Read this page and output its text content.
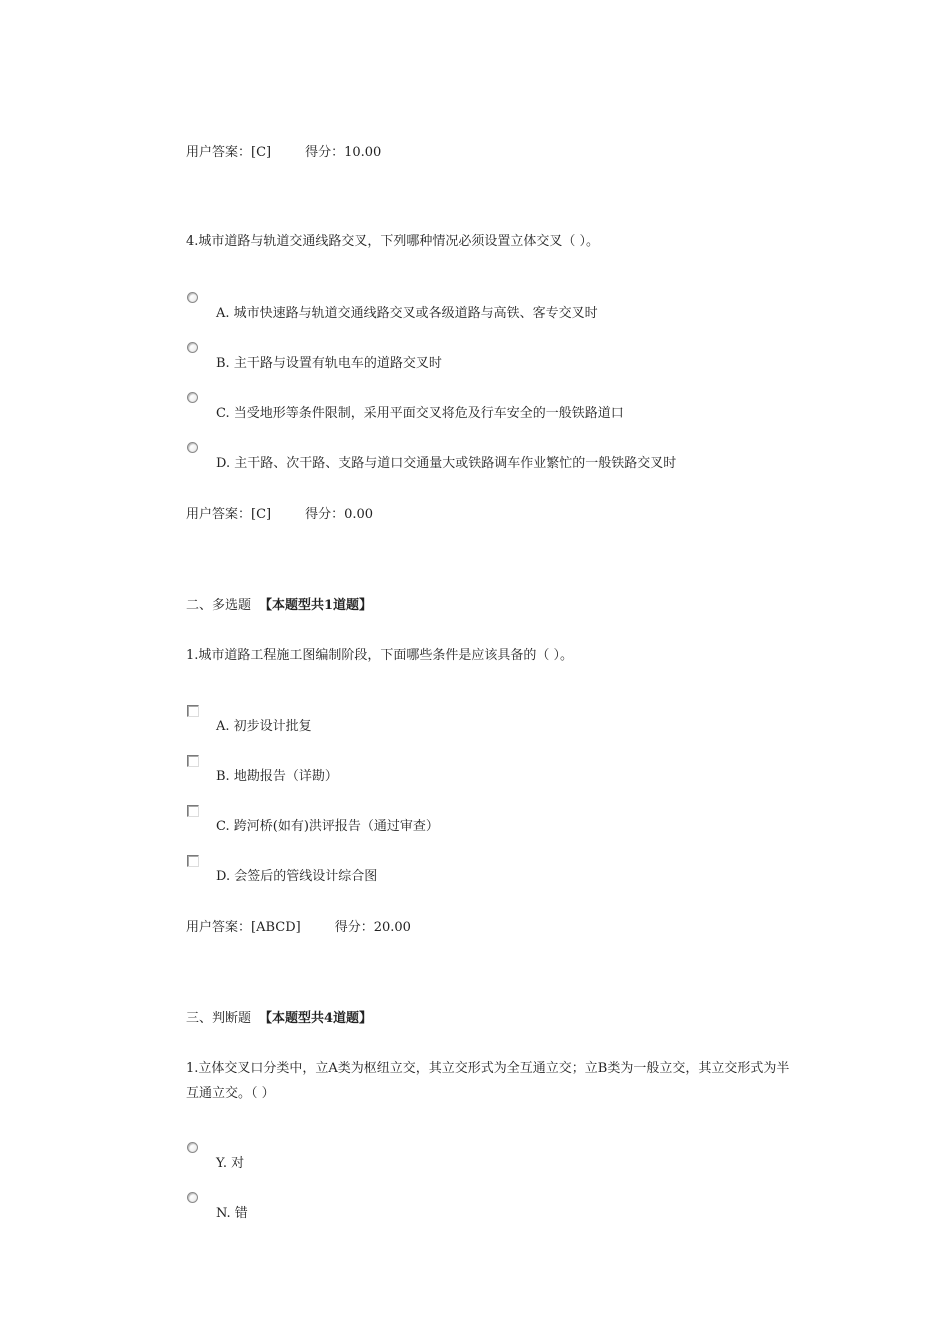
用户答案：[C]	得分：10.00
4.城市道路与轨道交通线路交叉，下列哪种情况必须设置立体交叉（ ）。
A. 城市快速路与轨道交通线路交叉或各级道路与高铁、客专交叉时
B. 主干路与设置有轨电车的道路交叉时
C. 当受地形等条件限制，采用平面交叉将危及行车安全的一般铁路道口
D. 主干路、次干路、支路与道口交通量大或铁路调车作业繁忙的一般铁路交叉时
用户答案：[C]	得分：0.00
二、多选题 【本题型共1道题】
1.城市道路工程施工图编制阶段，下面哪些条件是应该具备的（ ）。
A. 初步设计批复
B. 地勘报告（详勘）
C. 跨河桥(如有)洪评报告（通过审查）
D. 会签后的管线设计综合图
用户答案：[ABCD]	得分：20.00
三、判断题 【本题型共4道题】
1.立体交叉口分类中，立A类为枢纽立交，其立交形式为全互通立交；立B类为一般立交，其立交形式为半互通立交。（ ）
Y. 对
N. 错
